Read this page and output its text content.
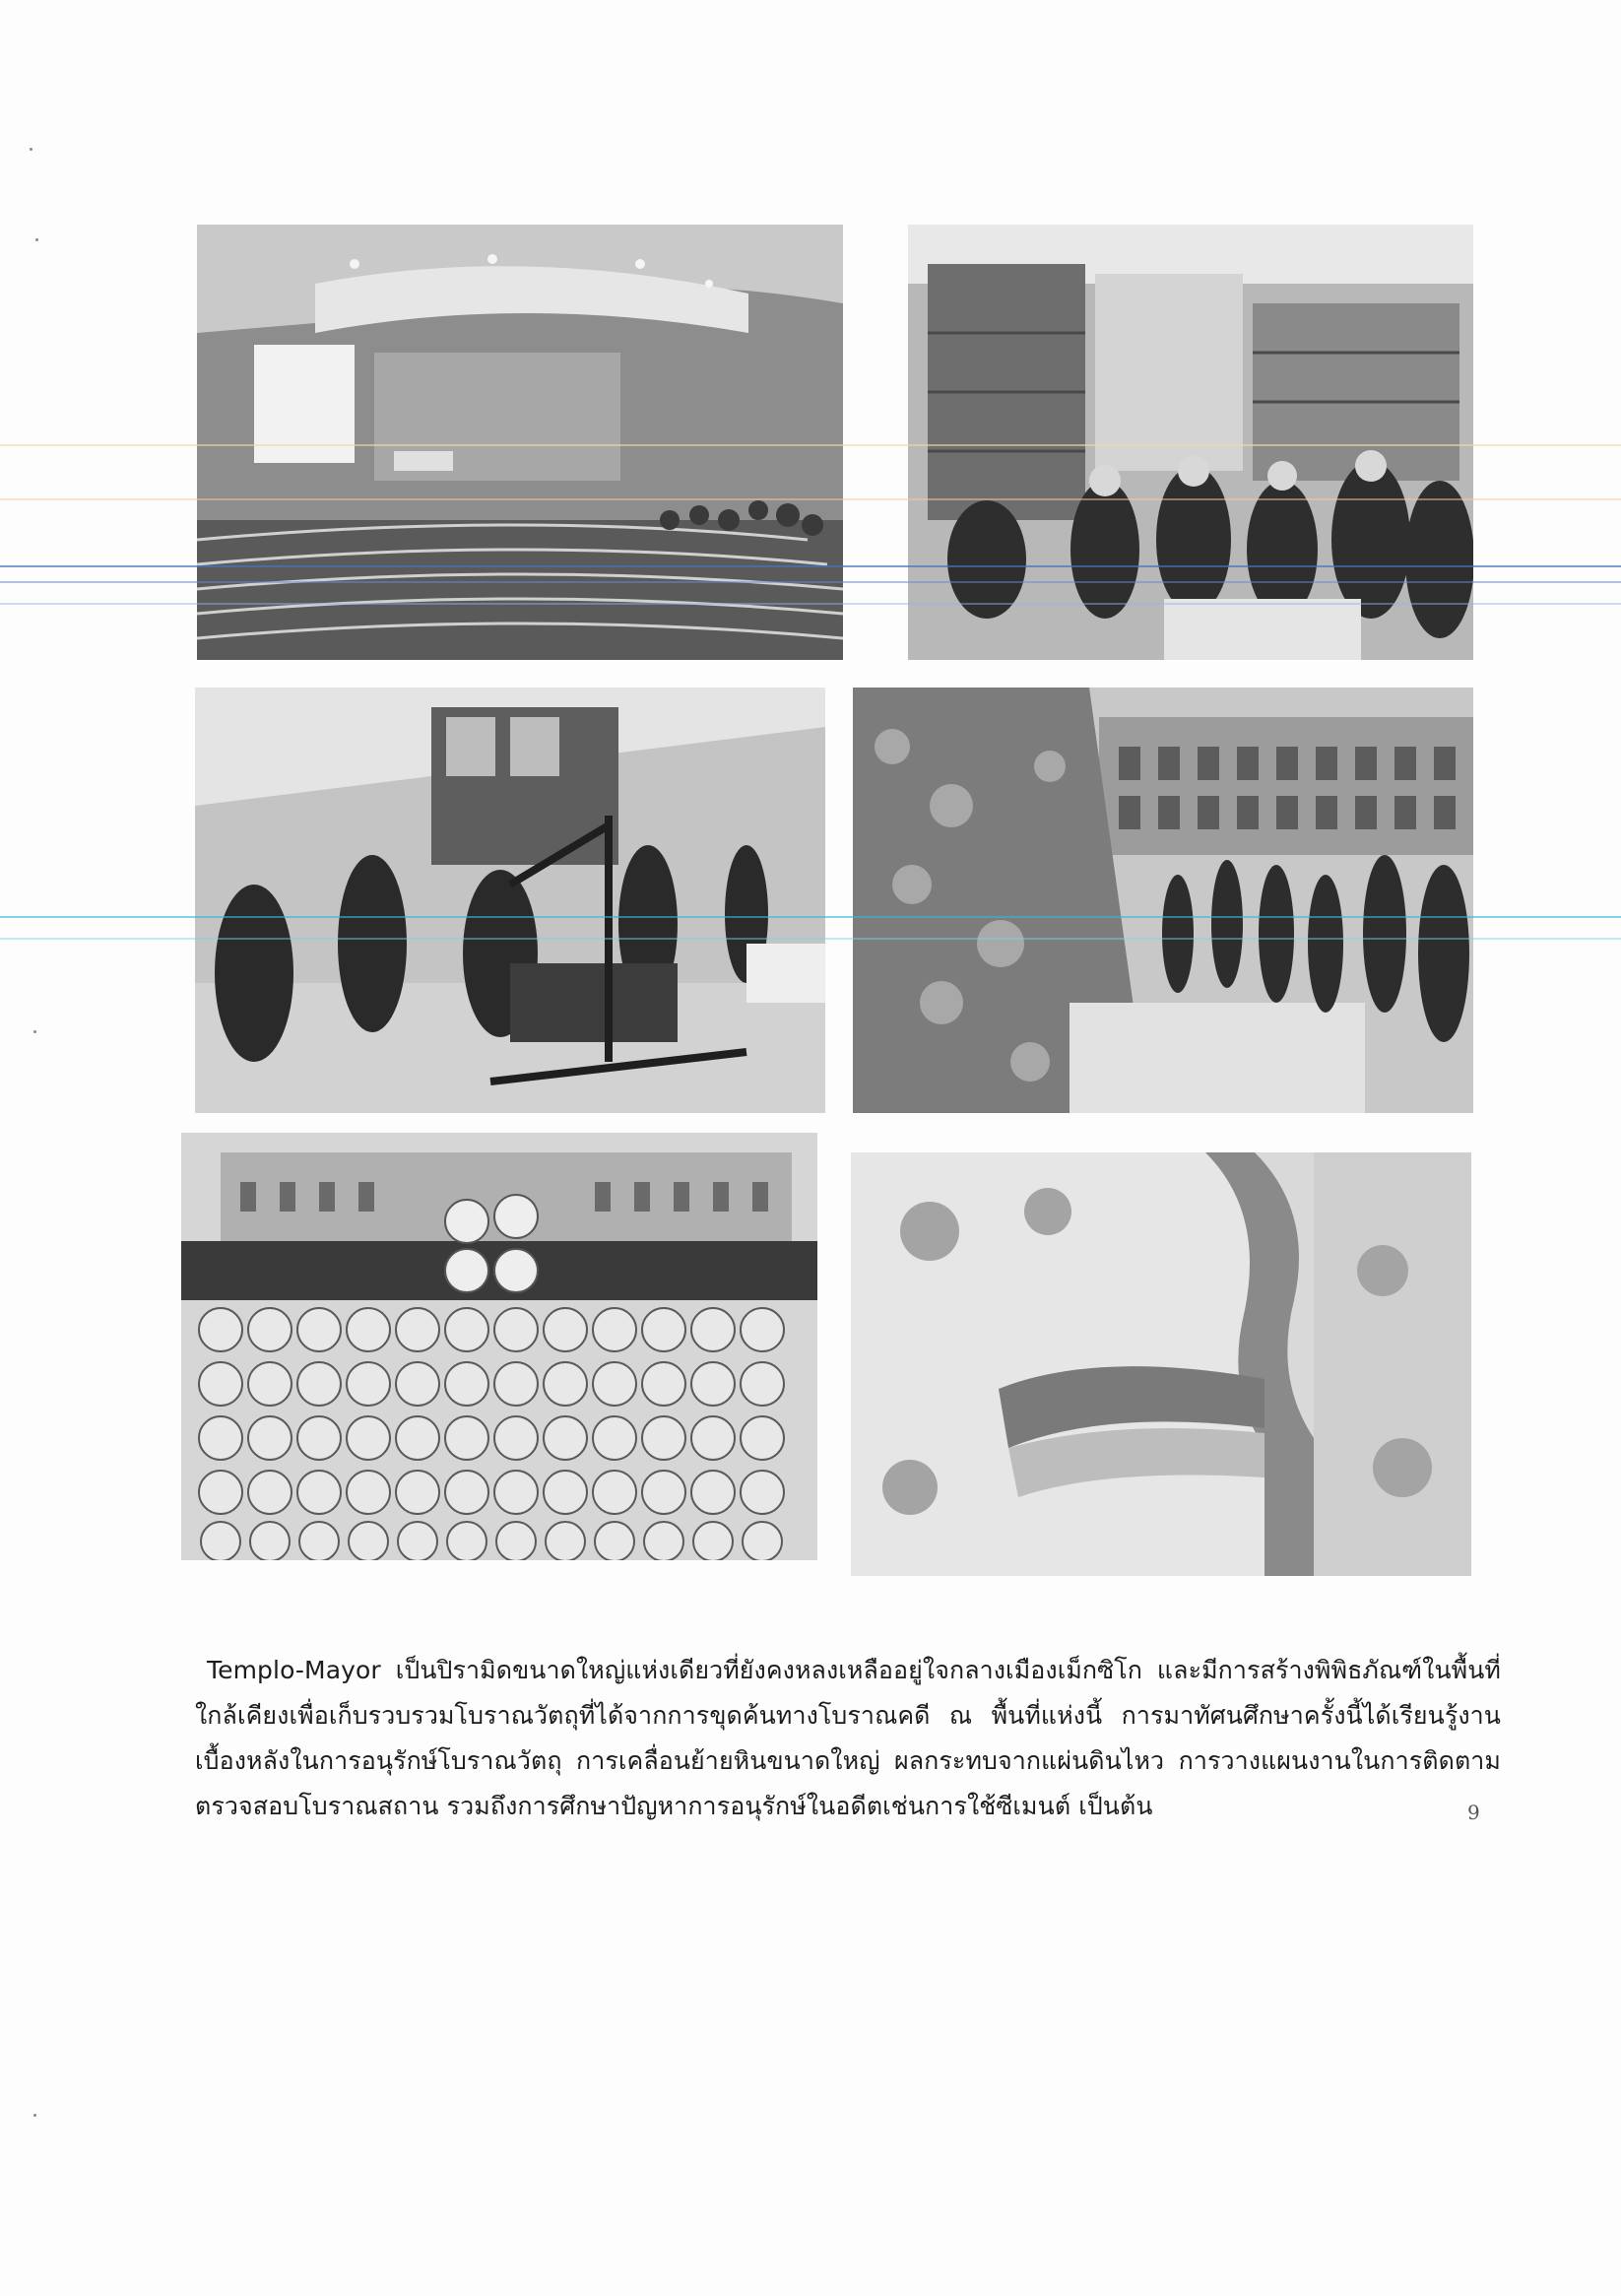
Templo-Mayor เป็นปิรามิดขนาดใหญ่แห่งเดียวที่ยังคงหลงเหลืออยู่ใจกลางเมืองเม็กซิโก และมีการสร้างพิพิธภัณฑ์ในพื้นที่ใกล้เคียงเพื่อเก็บรวบรวมโบราณวัตถุที่ได้จากการขุดค้นทางโบราณคดี ณ พื้นที่แห่งนี้ การมาทัศนศึกษาครั้งนี้ได้เรียนรู้งานเบื้องหลังในการอนุรักษ์โบราณวัตถุ การเคลื่อนย้ายหินขนาดใหญ่ ผลกระทบจากแผ่นดินไหว การวางแผนงานในการติดตามตรวจสอบโบราณสถาน รวมถึงการศึกษาปัญหาการอนุรักษ์ในอดีตเช่นการใช้ซีเมนต์ เป็นต้น	9
